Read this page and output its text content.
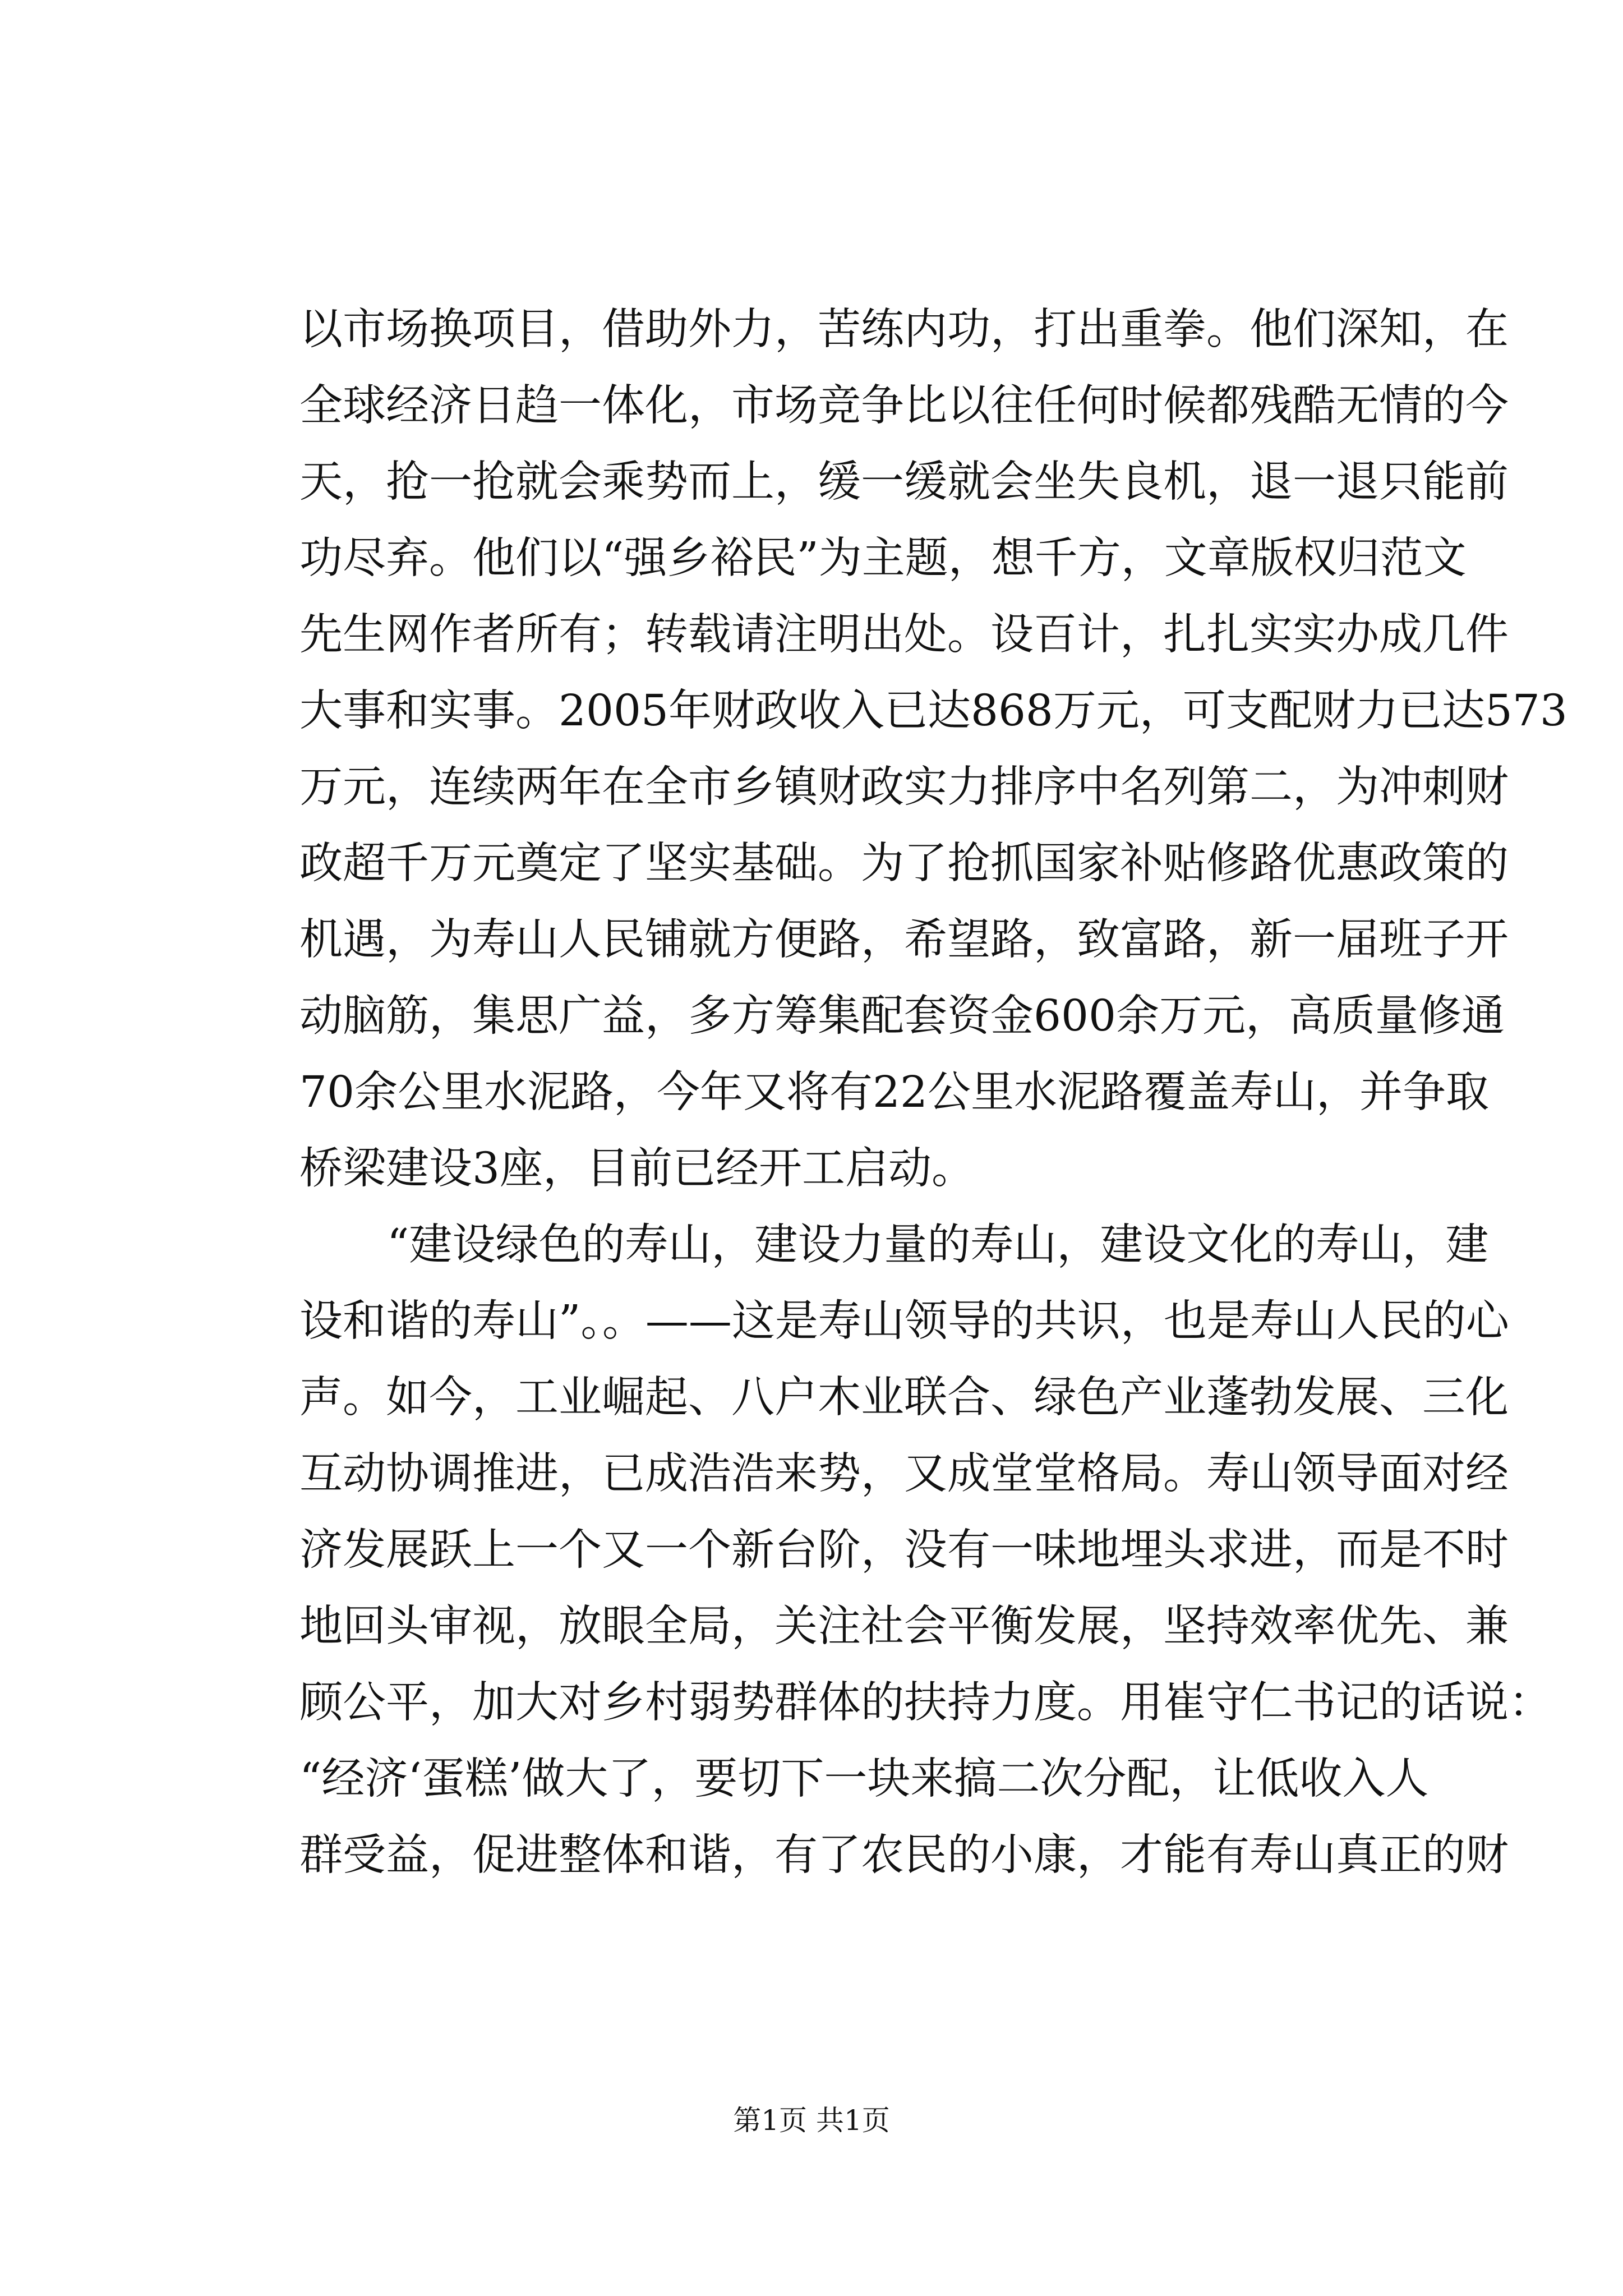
以市场换项目，借助外力，苦练内功，打出重拳。他们深知，在
全球经济日趋一体化，市场竞争比以往任何时候都残酷无情的今
天，抢一抢就会乘势而上，缓一缓就会坐失良机，退一退只能前
功尽弃。他们以“强乡裕民”为主题，想千方，文章版权归范文
先生网作者所有；转载请注明出处。设百计，扎扎实实办成几件
大事和实事。2005年财政收入已达868万元，可支配财力已达573
万元，连续两年在全市乡镇财政实力排序中名列第二，为冲刺财
政超千万元奠定了坚实基础。为了抢抓国家补贴修路优惠政策的
机遇，为寿山人民铺就方便路，希望路，致富路，新一届班子开
动脑筋，集思广益，多方筹集配套资金600余万元，高质量修通
70余公里水泥路，今年又将有22公里水泥路覆盖寿山，并争取
桥梁建设3座，目前已经开工启动。
“建设绿色的寿山，建设力量的寿山，建设文化的寿山，建
设和谐的寿山”。。——这是寿山领导的共识，也是寿山人民的心
声。如今，工业崛起、八户木业联合、绿色产业蓬勃发展、三化
互动协调推进，已成浩浩来势，又成堂堂格局。寿山领导面对经
济发展跃上一个又一个新台阶，没有一味地埋头求进，而是不时
地回头审视，放眼全局，关注社会平衡发展，坚持效率优先、兼
顾公平，加大对乡村弱势群体的扶持力度。用崔守仁书记的话说：
“经济‘蛋糕’做大了，要切下一块来搞二次分配，让低收入人
群受益，促进整体和谐，有了农民的小康，才能有寿山真正的财
第1页 共1页
